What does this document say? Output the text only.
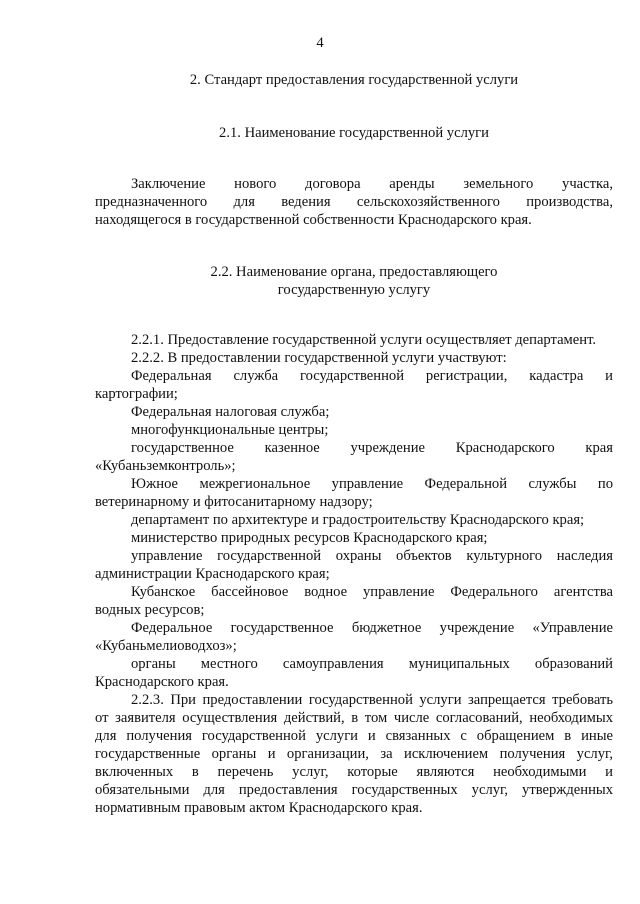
4
2. Стандарт предоставления государственной услуги
2.1. Наименование государственной услуги

Заключение нового договора аренды земельного участка,

предназначенного для ведения сельскохозяйственного производства,

находящегося в государственной собственности Краснодарского края.

2.2. Наименование органа, предоставляющего
государственную услугу

2.2.1. Предоставление государственной услуги осуществляет департамент.

2.2.2. В предоставлении государственной услуги участвуют:

Федеральная служба государственной регистрации, кадастра и

картографии;

Федеральная налоговая служба;

многофункциональные центры;

государственное казенное учреждение Краснодарского края

«Кубаньземконтроль»;

Южное межрегиональное управление Федеральной службы по

ветеринарному и фитосанитарному надзору;

департамент по архитектуре и градостроительству Краснодарского края;

министерство природных ресурсов Краснодарского края;

управление государственной охраны объектов культурного наследия

администрации Краснодарского края;

Кубанское бассейновое водное управление Федерального агентства

водных ресурсов;

Федеральное государственное бюджетное учреждение «Управление

«Кубаньмелиоводхоз»;

органы местного самоуправления муниципальных образований

Краснодарского края.

2.2.3. При предоставлении государственной услуги запрещается требовать

от заявителя осуществления действий, в том числе согласований, необходимых

для получения государственной услуги и связанных с обращением в иные

государственные органы и организации, за исключением получения услуг,

включенных в перечень услуг, которые являются необходимыми и

обязательными для предоставления государственных услуг, утвержденных

нормативным правовым актом Краснодарского края.
